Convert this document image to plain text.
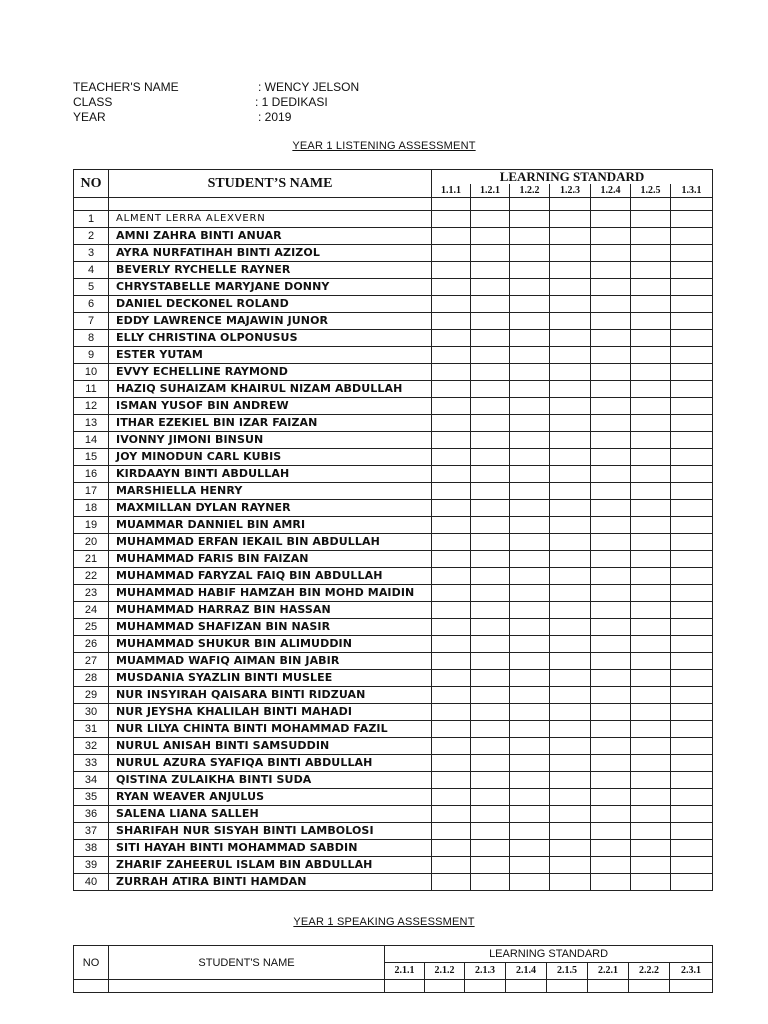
TEACHER'S NAME	: WENCY JELSON
CLASS	: 1 DEDIKASI
YEAR	: 2019
YEAR 1 LISTENING ASSESSMENT
NO	STUDENT’S NAME	LEARNING STANDARD						
		1.1.1	1.2.1	1.2.2	1.2.3	1.2.4	1.2.5	1.3.1

1	ALMENT LERRA ALEXVERN							
2	AMNI ZAHRA BINTI ANUAR							
3	AYRA NURFATIHAH BINTI AZIZOL							
4	BEVERLY RYCHELLE RAYNER							
5	CHRYSTABELLE MARYJANE DONNY							
6	DANIEL DECKONEL ROLAND							
7	EDDY LAWRENCE MAJAWIN JUNOR							
8	ELLY CHRISTINA OLPONUSUS							
9	ESTER YUTAM							
10	EVVY ECHELLINE RAYMOND							
11	HAZIQ SUHAIZAM KHAIRUL NIZAM ABDULLAH							
12	ISMAN YUSOF BIN ANDREW							
13	ITHAR EZEKIEL BIN IZAR FAIZAN							
14	IVONNY JIMONI BINSUN							
15	JOY MINODUN CARL KUBIS							
16	KIRDAAYN BINTI ABDULLAH							
17	MARSHIELLA HENRY							
18	MAXMILLAN DYLAN RAYNER							
19	MUAMMAR DANNIEL BIN AMRI							
20	MUHAMMAD ERFAN IEKAIL BIN ABDULLAH							
21	MUHAMMAD FARIS BIN FAIZAN							
22	MUHAMMAD FARYZAL FAIQ BIN ABDULLAH							
23	MUHAMMAD HABIF HAMZAH BIN MOHD MAIDIN							
24	MUHAMMAD HARRAZ BIN HASSAN							
25	MUHAMMAD SHAFIZAN BIN NASIR							
26	MUHAMMAD SHUKUR BIN ALIMUDDIN							
27	MUAMMAD WAFIQ AIMAN BIN JABIR							
28	MUSDANIA SYAZLIN BINTI MUSLEE							
29	NUR INSYIRAH QAISARA BINTI RIDZUAN							
30	NUR JEYSHA KHALILAH BINTI MAHADI							
31	NUR LILYA CHINTA BINTI MOHAMMAD FAZIL							
32	NURUL ANISAH BINTI SAMSUDDIN							
33	NURUL AZURA SYAFIQA BINTI ABDULLAH							
34	QISTINA ZULAIKHA BINTI SUDA							
35	RYAN WEAVER ANJULUS							
36	SALENA LIANA SALLEH							
37	SHARIFAH NUR SISYAH BINTI LAMBOLOSI							
38	SITI HAYAH BINTI MOHAMMAD SABDIN							
39	ZHARIF ZAHEERUL ISLAM BIN ABDULLAH							
40	ZURRAH ATIRA BINTI HAMDAN							
YEAR 1 SPEAKING ASSESSMENT
NO	STUDENT'S NAME	LEARNING STANDARD							
		2.1.1	2.1.2	2.1.3	2.1.4	2.1.5	2.2.1	2.2.2	2.3.1
